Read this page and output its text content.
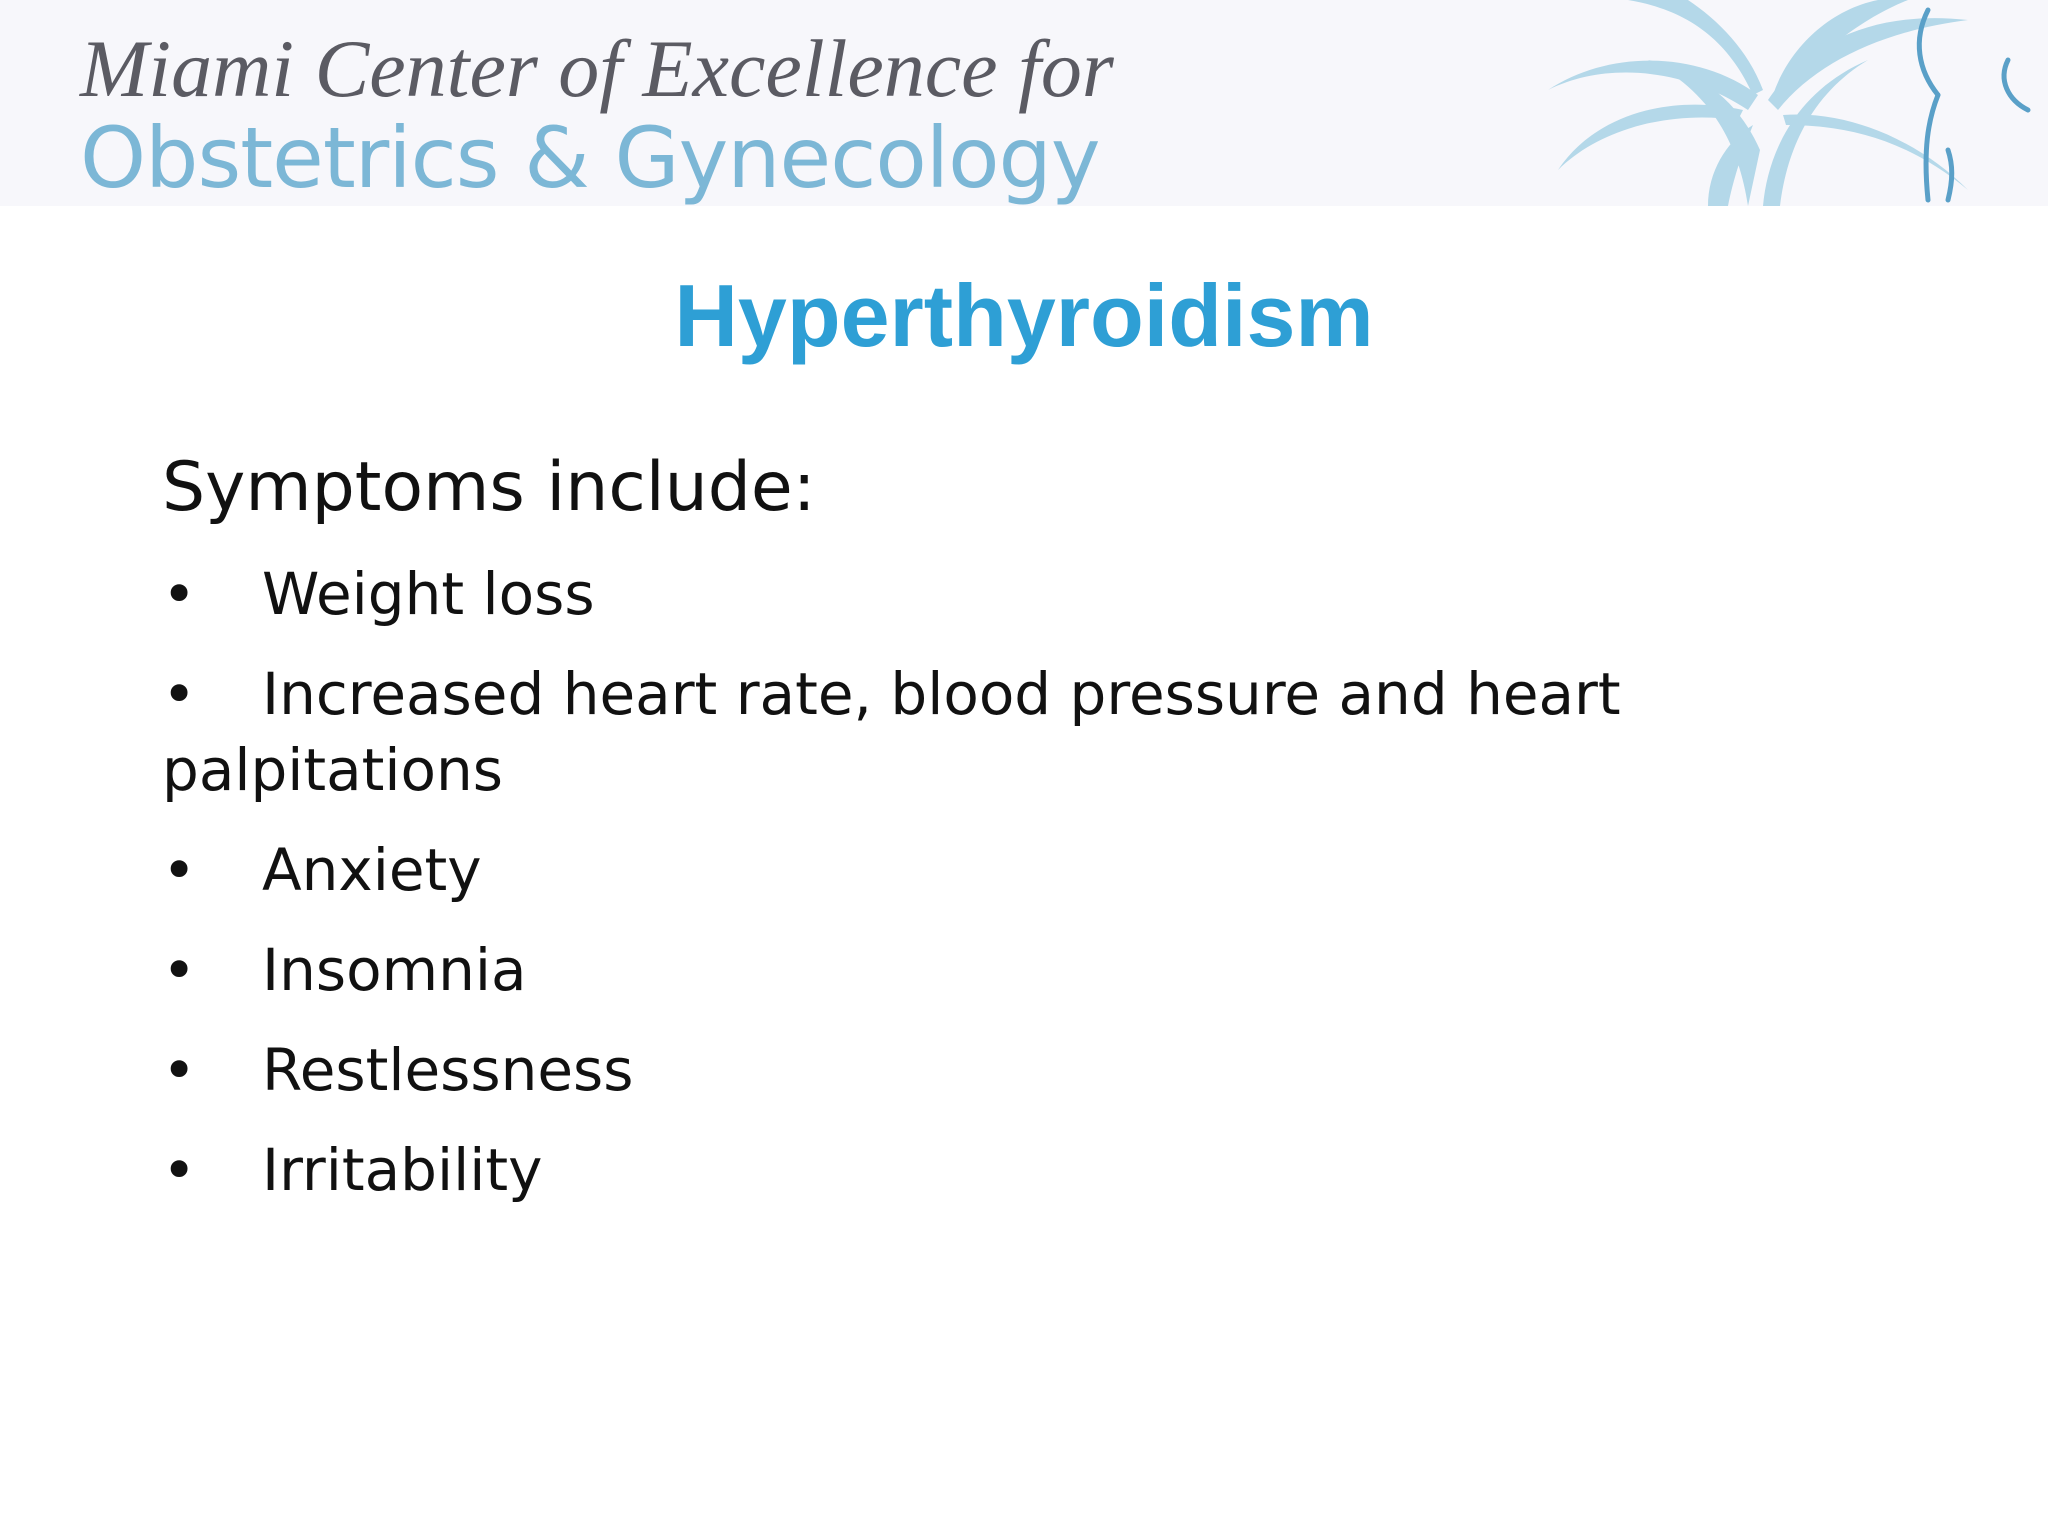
Miami Center of Excellence for
Obstetrics & Gynecology
Hyperthyroidism
Symptoms include:
• Weight loss
• Increased heart rate, blood pressure and heart palpitations
• Anxiety
• Insomnia
• Restlessness
• Irritability
